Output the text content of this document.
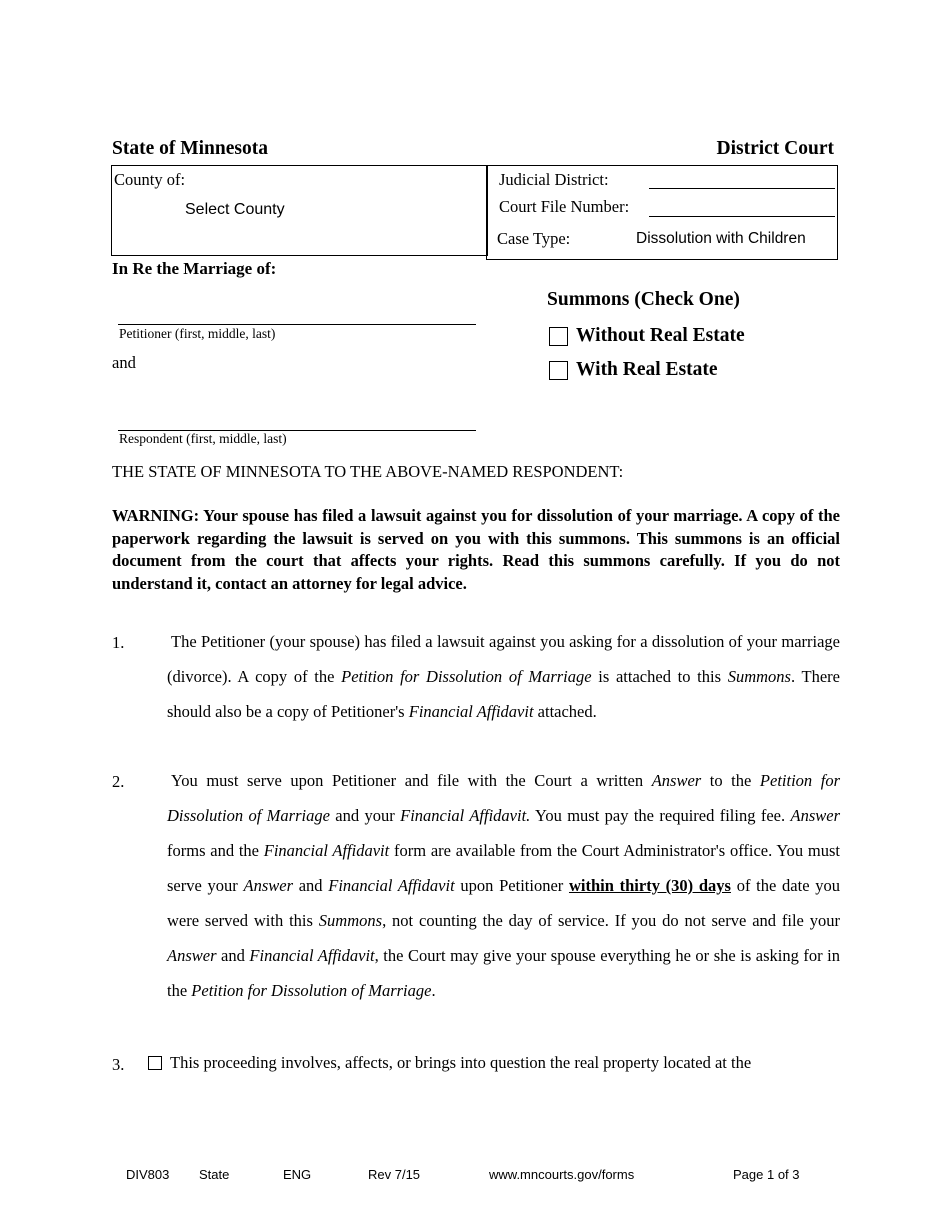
State of Minnesota	District Court
County of:
Select County
Judicial District:
Court File Number:
Case Type:	Dissolution with Children
In Re the Marriage of:
Petitioner (first, middle, last)
and
Respondent (first, middle, last)
Summons (Check One)
Without Real Estate
With Real Estate
THE STATE OF MINNESOTA TO THE ABOVE-NAMED RESPONDENT:

WARNING: Your spouse has filed a lawsuit against you for dissolution of your marriage. A copy of the paperwork regarding the lawsuit is served on you with this summons. This summons is an official document from the court that affects your rights. Read this summons carefully. If you do not understand it, contact an attorney for legal advice.

1.	The Petitioner (your spouse) has filed a lawsuit against you asking for a dissolution of your marriage (divorce). A copy of the Petition for Dissolution of Marriage is attached to this Summons. There should also be a copy of Petitioner's Financial Affidavit attached.

2.	You must serve upon Petitioner and file with the Court a written Answer to the Petition for Dissolution of Marriage and your Financial Affidavit. You must pay the required filing fee. Answer forms and the Financial Affidavit form are available from the Court Administrator's office. You must serve your Answer and Financial Affidavit upon Petitioner within thirty (30) days of the date you were served with this Summons, not counting the day of service. If you do not serve and file your Answer and Financial Affidavit, the Court may give your spouse everything he or she is asking for in the Petition for Dissolution of Marriage.

3.	This proceeding involves, affects, or brings into question the real property located at the
DIV803 State	ENG	Rev 7/15	www.mncourts.gov/forms	Page 1 of 3
